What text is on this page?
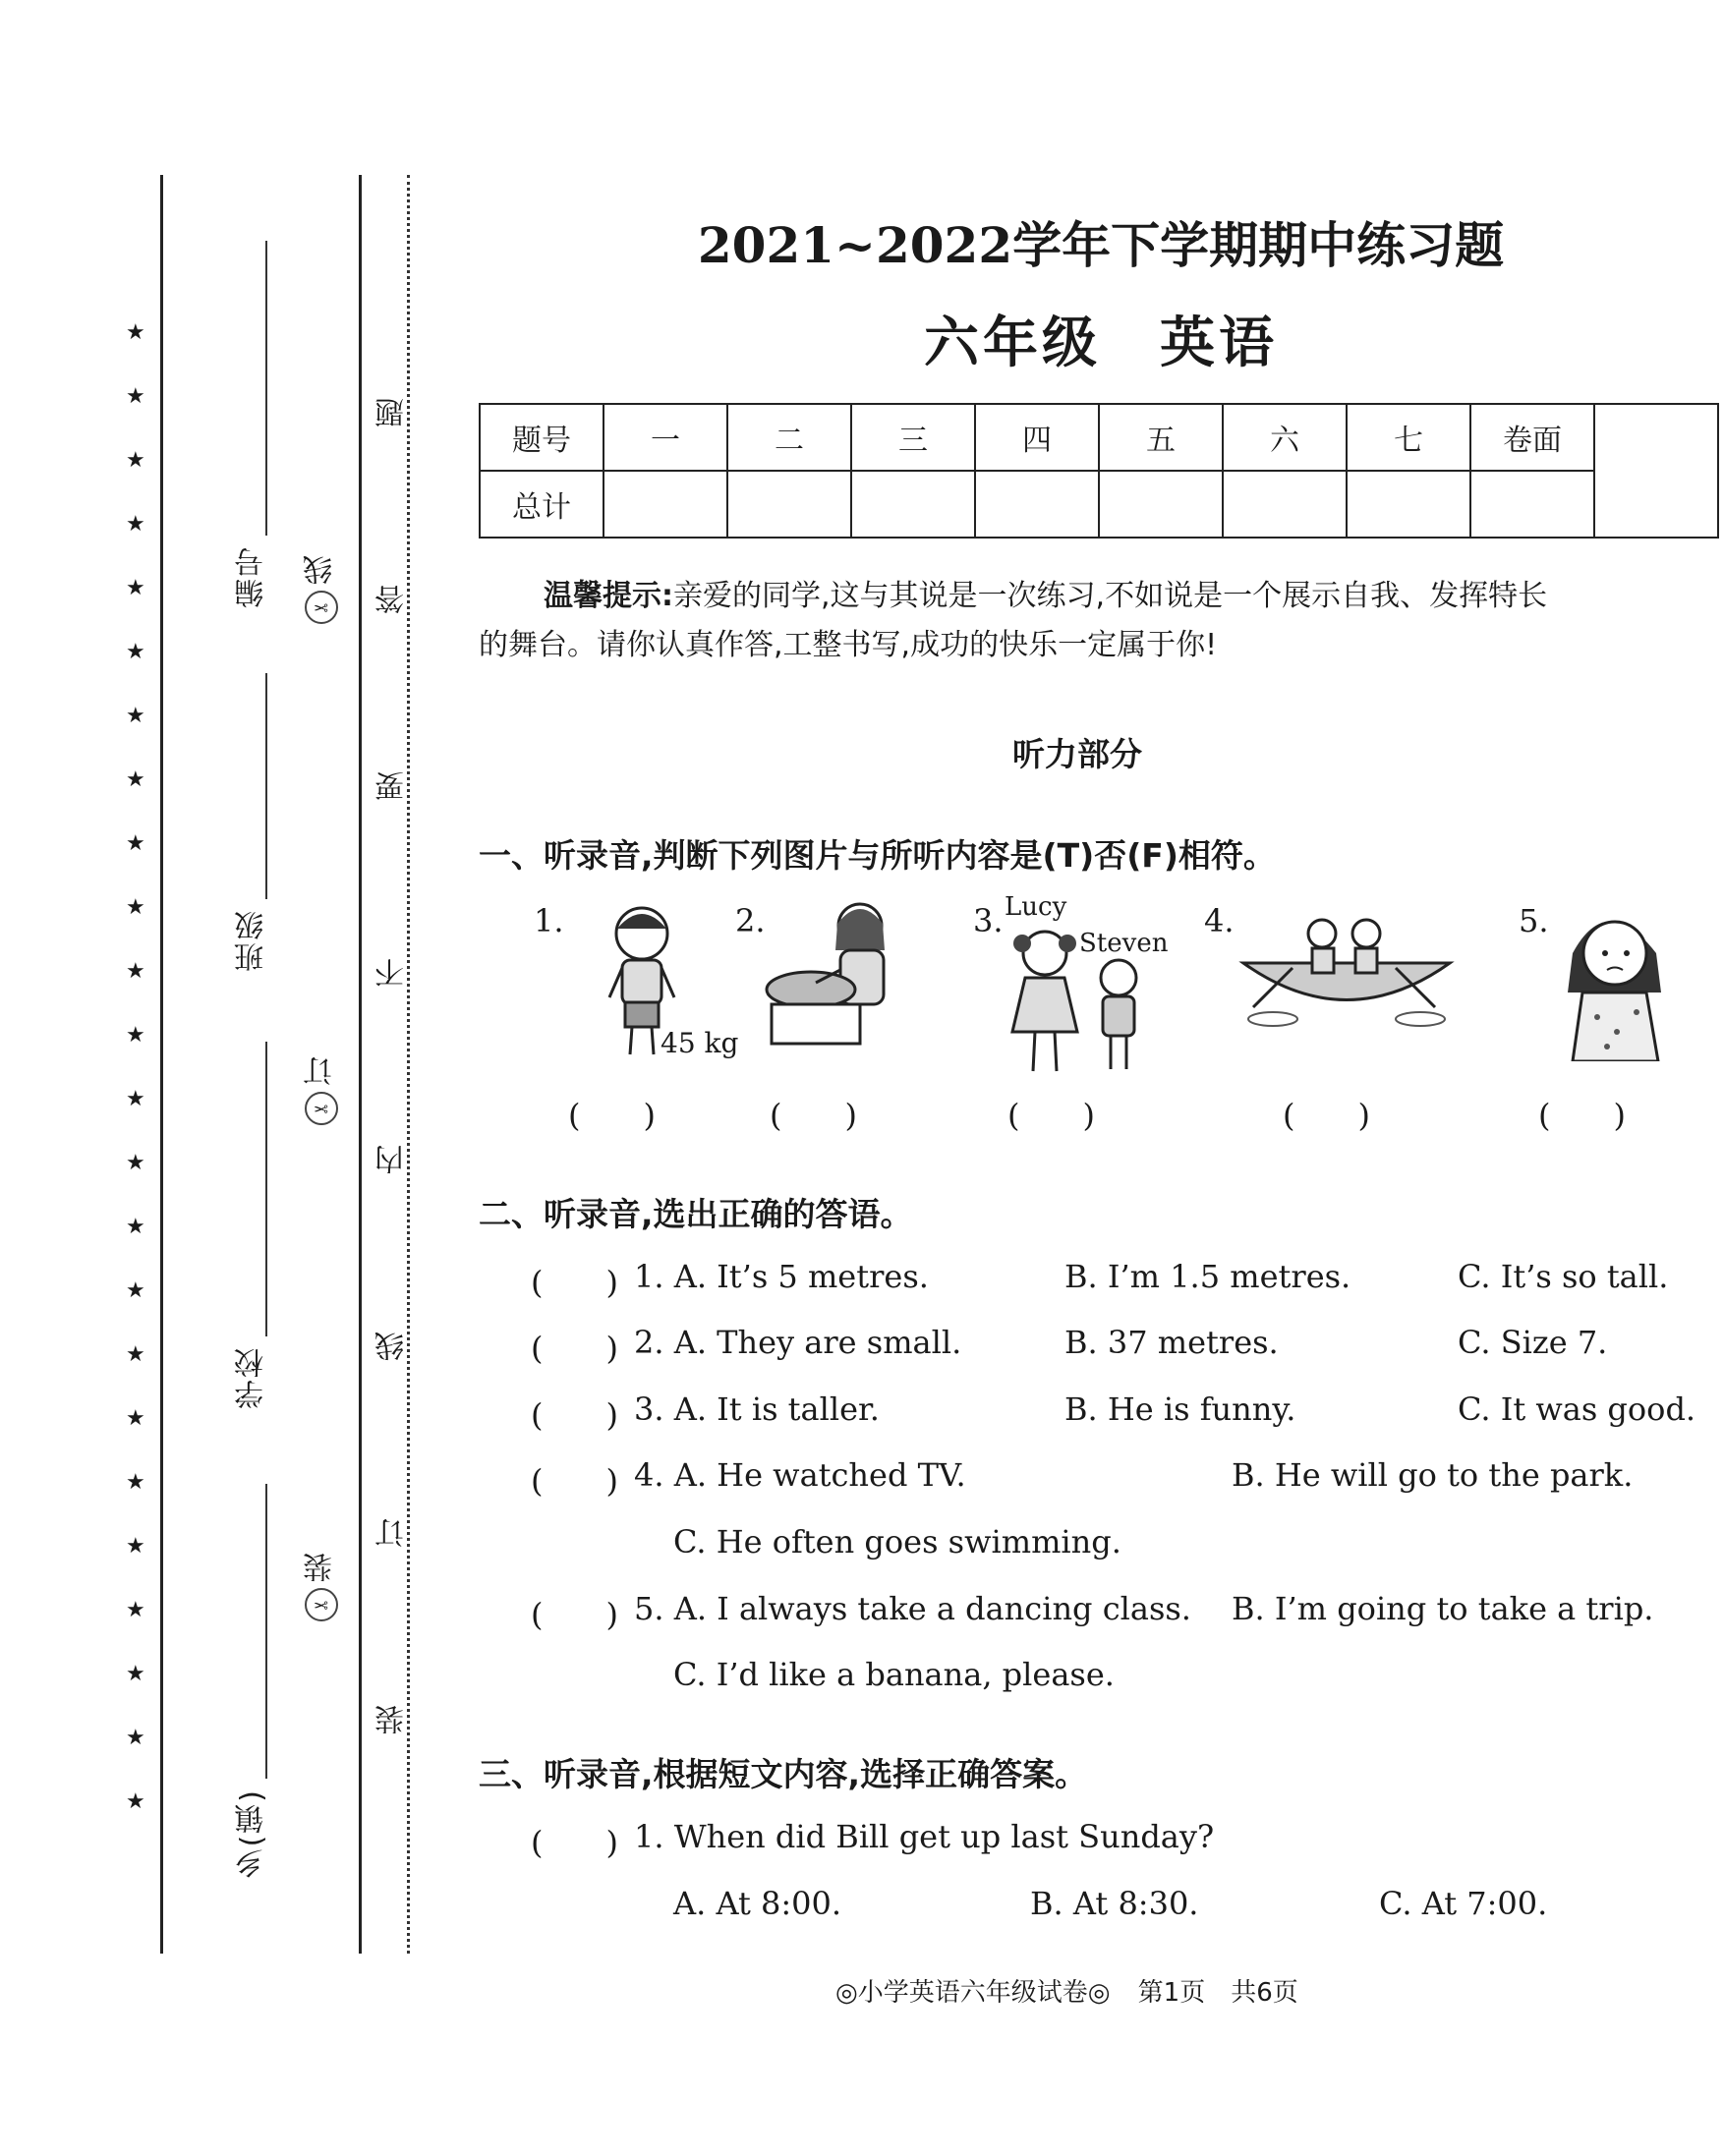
★
★
★
★
★
★
★
★
★
★
★
★
★
★
★
★
★
★
★
★
★
★
★
★
编号
班级
学校
乡(镇)
✂线
✂订
✂装
题
答
要
不
内
线
订
装
2021~2022学年下学期期中练习题
六年级　英语
题号	一	二	三	四	五	六	七	卷面	
总计									
温馨提示:亲爱的同学,这与其说是一次练习,不如说是一个展示自我、发挥特长
的舞台。请你认真作答,工整书写,成功的快乐一定属于你!
听力部分
一、听录音,判断下列图片与所听内容是(T)否(F)相符。
1.
45 kg
2.	3. Lucy
Steven
4.	5.
(　　)	(　　)	(　　)	(　　)	(　　)
二、听录音,选出正确的答语。
(　　) 1. A. It’s 5 metres.	B. I’m 1.5 metres.	C. It’s so tall.
(　　) 2. A. They are small.	B. 37 metres.	C. Size 7.
(　　) 3. A. It is taller.	B. He is funny.	C. It was good.
(　　) 4. A. He watched TV.	B. He will go to the park.
C. He often goes swimming.
(　　) 5. A. I always take a dancing class. B. I’m going to take a trip.
C. I’d like a banana, please.
三、听录音,根据短文内容,选择正确答案。
(　　) 1. When did Bill get up last Sunday?
A. At 8:00.	B. At 8:30.	C. At 7:00.
◎小学英语六年级试卷◎ 第1页　共6页
